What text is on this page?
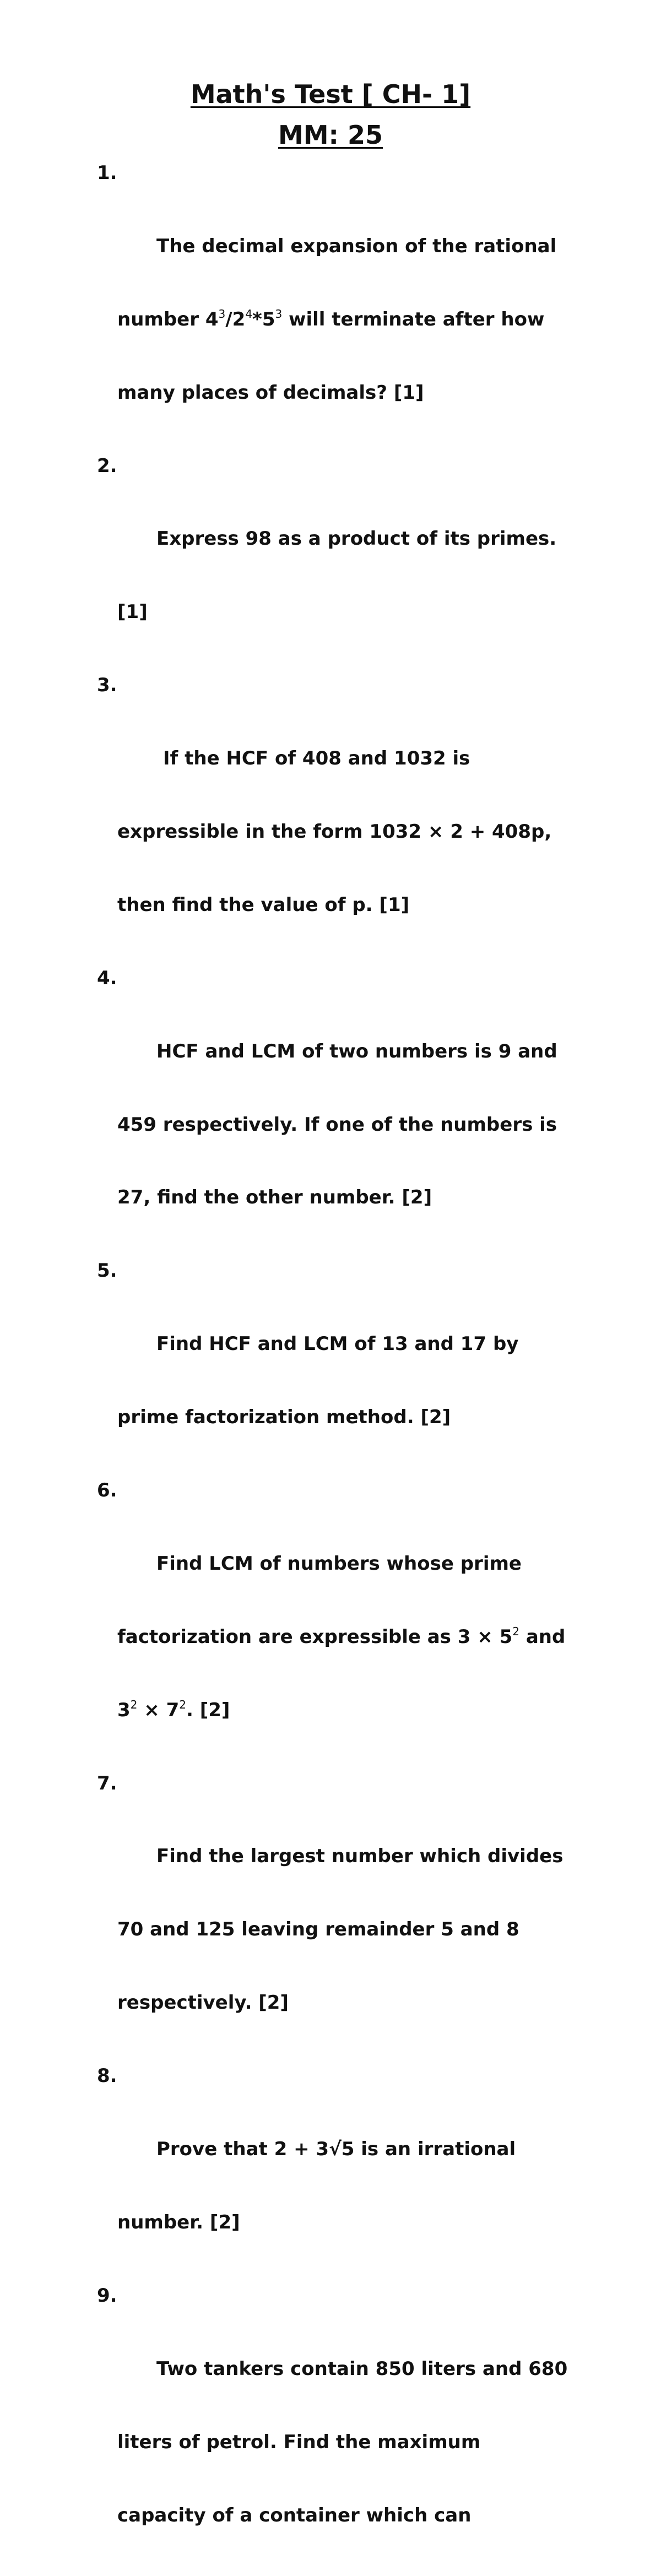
Math's Test [ CH- 1]
MM: 25

1.

The decimal expansion of the rational

number $4^3/2^4*5^3$ will terminate after how

many places of decimals? [1]

2.

Express 98 as a product of its primes.

[1]

3.

If the HCF of 408 and 1032 is

expressible in the form 1032 × 2 + 408p,

then find the value of p. [1]

4.

HCF and LCM of two numbers is 9 and

459 respectively. If one of the numbers is

27, find the other number. [2]

5.

Find HCF and LCM of 13 and 17 by

prime factorization method. [2]

6.

Find LCM of numbers whose prime

factorization are expressible as $3 \times 5^2$ and

$3^2 \times 7^2$. [2]

7.

Find the largest number which divides

70 and 125 leaving remainder 5 and 8

respectively. [2]

8.

Prove that 2 + 3√5 is an irrational

number. [2]

9.

Two tankers contain 850 liters and 680

liters of petrol. Find the maximum

capacity of a container which can
